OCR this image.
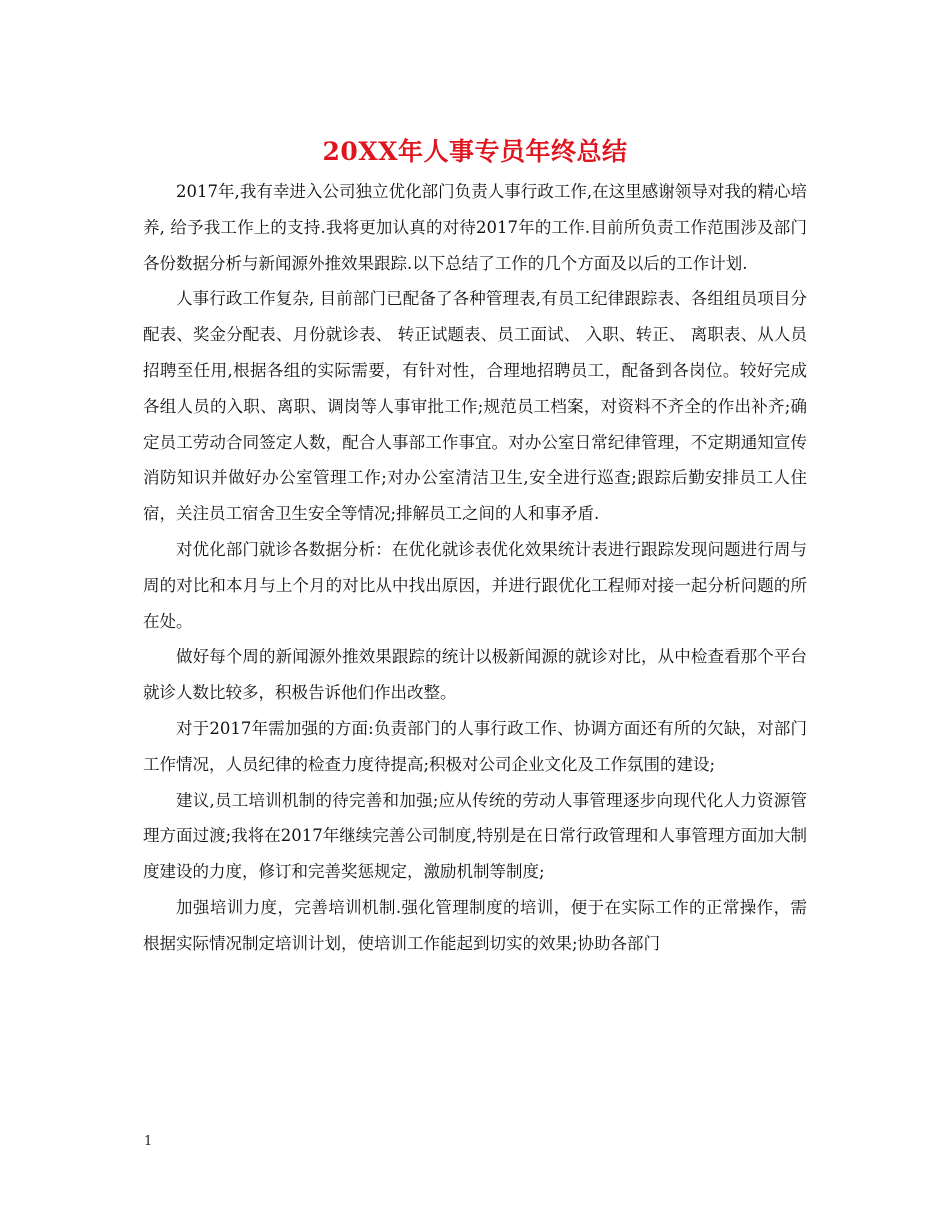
20XX年人事专员年终总结

2017年,我有幸进入公司独立优化部门负责人事行政工作,在这里感谢领导对我的精心培养, 给予我工作上的支持.我将更加认真的对待2017年的工作.目前所负责工作范围涉及部门各份数据分析与新闻源外推效果跟踪.以下总结了工作的几个方面及以后的工作计划.

人事行政工作复杂, 目前部门已配备了各种管理表,有员工纪律跟踪表、各组组员项目分配表、奖金分配表、月份就诊表、 转正试题表、员工面试、 入职、转正、 离职表、从人员招聘至任用,根据各组的实际需要，有针对性，合理地招聘员工，配备到各岗位。较好完成各组人员的入职、离职、调岗等人事审批工作;规范员工档案，对资料不齐全的作出补齐;确定员工劳动合同签定人数，配合人事部工作事宜。对办公室日常纪律管理，不定期通知宣传消防知识并做好办公室管理工作;对办公室清洁卫生,安全进行巡查;跟踪后勤安排员工人住宿，关注员工宿舍卫生安全等情况;排解员工之间的人和事矛盾.

对优化部门就诊各数据分析：在优化就诊表优化效果统计表进行跟踪发现问题进行周与周的对比和本月与上个月的对比从中找出原因，并进行跟优化工程师对接一起分析问题的所在处。

做好每个周的新闻源外推效果跟踪的统计以极新闻源的就诊对比，从中检查看那个平台就诊人数比较多，积极告诉他们作出改整。

对于2017年需加强的方面:负责部门的人事行政工作、协调方面还有所的欠缺，对部门工作情况，人员纪律的检查力度待提高;积极对公司企业文化及工作氛围的建设;

建议,员工培训机制的待完善和加强;应从传统的劳动人事管理逐步向现代化人力资源管理方面过渡;我将在2017年继续完善公司制度,特别是在日常行政管理和人事管理方面加大制度建设的力度，修订和完善奖惩规定，激励机制等制度;

加强培训力度，完善培训机制.强化管理制度的培训，便于在实际工作的正常操作，需根据实际情况制定培训计划，使培训工作能起到切实的效果;协助各部门

1
